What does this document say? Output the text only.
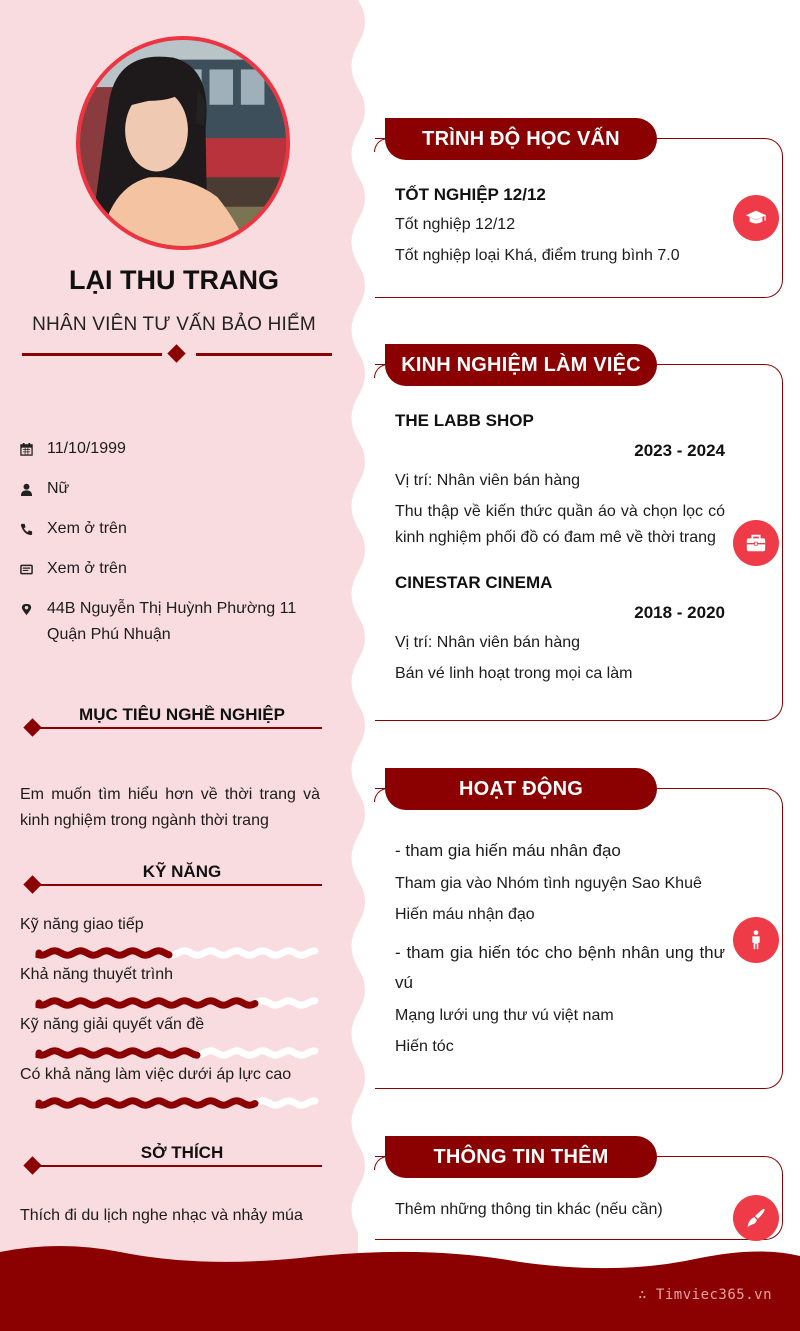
LẠI THU TRANG
NHÂN VIÊN TƯ VẤN BẢO HIỂM
11/10/1999
Nữ
Xem ở trên
Xem ở trên
44B Nguyễn Thị Huỳnh Phường 11
Quận Phú Nhuận
MỤC TIÊU NGHỀ NGHIỆP
Em muốn tìm hiểu hơn về thời trang và kinh nghiệm trong ngành thời trang
KỸ NĂNG
Kỹ năng giao tiếp
Khả năng thuyết trình
Kỹ năng giải quyết vấn đề
Có khả năng làm việc dưới áp lực cao
SỞ THÍCH
Thích đi du lịch nghe nhạc và nhảy múa
TRÌNH ĐỘ HỌC VẤN
TỐT NGHIỆP 12/12
Tốt nghiệp 12/12
Tốt nghiệp loại Khá, điểm trung bình 7.0
KINH NGHIỆM LÀM VIỆC
THE LABB SHOP
2023 - 2024
Vị trí: Nhân viên bán hàng
Thu thập về kiến thức quần áo và chọn lọc có kinh nghiệm phối đồ có đam mê về thời trang
CINESTAR CINEMA
2018 - 2020
Vị trí: Nhân viên bán hàng
Bán vé linh hoạt trong mọi ca làm
HOẠT ĐỘNG
- tham gia hiến máu nhân đạo
Tham gia vào Nhóm tình nguyện Sao Khuê
Hiến máu nhận đạo
- tham gia hiến tóc cho bệnh nhân ung thư vú
Mạng lưới ung thư vú việt nam
Hiến tóc
THÔNG TIN THÊM
Thêm những thông tin khác (nếu cần)
∴ Timviec365.vn
